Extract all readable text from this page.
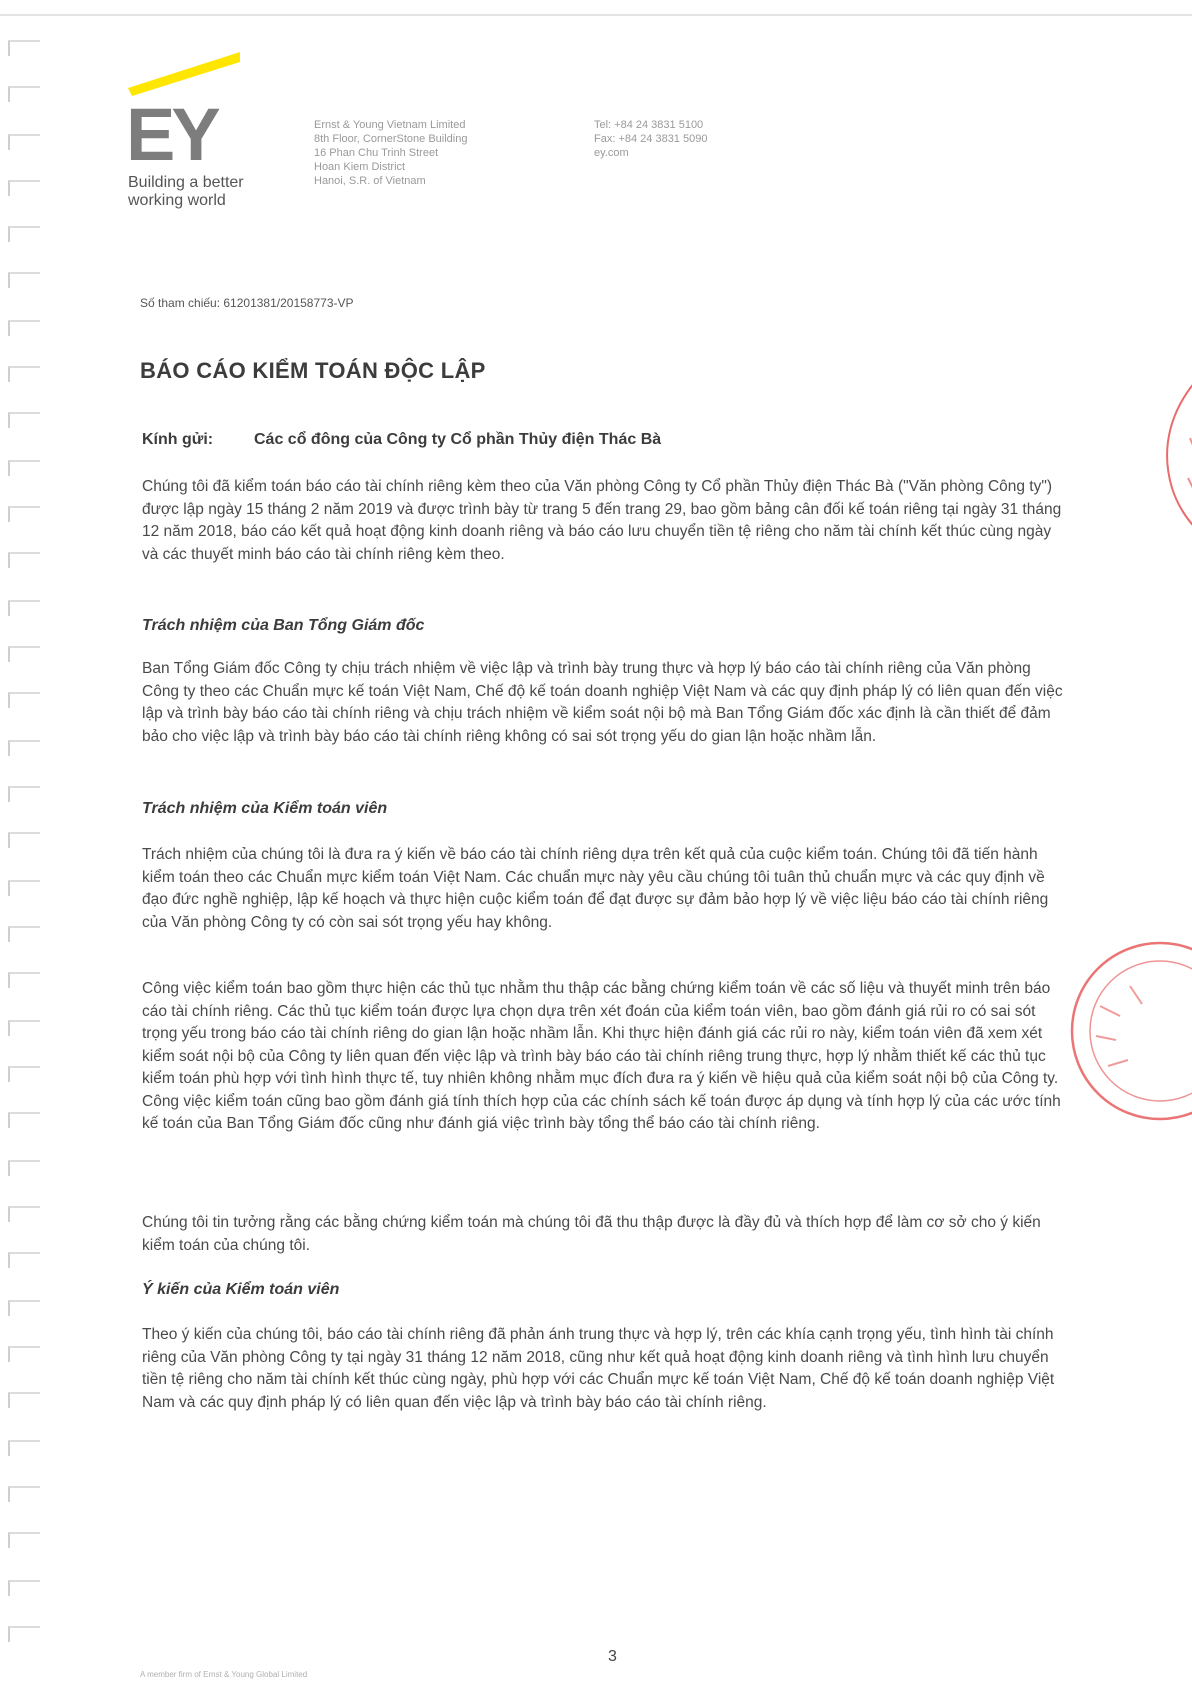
EY
Building a better
working world
Ernst & Young Vietnam Limited
8th Floor, CornerStone Building
16 Phan Chu Trinh Street
Hoan Kiem District
Hanoi, S.R. of Vietnam
Tel: +84 24 3831 5100
Fax: +84 24 3831 5090
ey.com
Số tham chiếu: 61201381/20158773-VP
BÁO CÁO KIỂM TOÁN ĐỘC LẬP
Kính gửi:	Các cổ đông của Công ty Cổ phần Thủy điện Thác Bà
Chúng tôi đã kiểm toán báo cáo tài chính riêng kèm theo của Văn phòng Công ty Cổ phần Thủy điện Thác Bà ("Văn phòng Công ty") được lập ngày 15 tháng 2 năm 2019 và được trình bày từ trang 5 đến trang 29, bao gồm bảng cân đối kế toán riêng tại ngày 31 tháng 12 năm 2018, báo cáo kết quả hoạt động kinh doanh riêng và báo cáo lưu chuyển tiền tệ riêng cho năm tài chính kết thúc cùng ngày và các thuyết minh báo cáo tài chính riêng kèm theo.
Trách nhiệm của Ban Tổng Giám đốc
Ban Tổng Giám đốc Công ty chịu trách nhiệm về việc lập và trình bày trung thực và hợp lý báo cáo tài chính riêng của Văn phòng Công ty theo các Chuẩn mực kế toán Việt Nam, Chế độ kế toán doanh nghiệp Việt Nam và các quy định pháp lý có liên quan đến việc lập và trình bày báo cáo tài chính riêng và chịu trách nhiệm về kiểm soát nội bộ mà Ban Tổng Giám đốc xác định là cần thiết để đảm bảo cho việc lập và trình bày báo cáo tài chính riêng không có sai sót trọng yếu do gian lận hoặc nhầm lẫn.
Trách nhiệm của Kiểm toán viên
Trách nhiệm của chúng tôi là đưa ra ý kiến về báo cáo tài chính riêng dựa trên kết quả của cuộc kiểm toán. Chúng tôi đã tiến hành kiểm toán theo các Chuẩn mực kiểm toán Việt Nam. Các chuẩn mực này yêu cầu chúng tôi tuân thủ chuẩn mực và các quy định về đạo đức nghề nghiệp, lập kế hoạch và thực hiện cuộc kiểm toán để đạt được sự đảm bảo hợp lý về việc liệu báo cáo tài chính riêng của Văn phòng Công ty có còn sai sót trọng yếu hay không.
Công việc kiểm toán bao gồm thực hiện các thủ tục nhằm thu thập các bằng chứng kiểm toán về các số liệu và thuyết minh trên báo cáo tài chính riêng. Các thủ tục kiểm toán được lựa chọn dựa trên xét đoán của kiểm toán viên, bao gồm đánh giá rủi ro có sai sót trọng yếu trong báo cáo tài chính riêng do gian lận hoặc nhầm lẫn. Khi thực hiện đánh giá các rủi ro này, kiểm toán viên đã xem xét kiểm soát nội bộ của Công ty liên quan đến việc lập và trình bày báo cáo tài chính riêng trung thực, hợp lý nhằm thiết kế các thủ tục kiểm toán phù hợp với tình hình thực tế, tuy nhiên không nhằm mục đích đưa ra ý kiến về hiệu quả của kiểm soát nội bộ của Công ty. Công việc kiểm toán cũng bao gồm đánh giá tính thích hợp của các chính sách kế toán được áp dụng và tính hợp lý của các ước tính kế toán của Ban Tổng Giám đốc cũng như đánh giá việc trình bày tổng thể báo cáo tài chính riêng.
Chúng tôi tin tưởng rằng các bằng chứng kiểm toán mà chúng tôi đã thu thập được là đầy đủ và thích hợp để làm cơ sở cho ý kiến kiểm toán của chúng tôi.
Ý kiến của Kiểm toán viên
Theo ý kiến của chúng tôi, báo cáo tài chính riêng đã phản ánh trung thực và hợp lý, trên các khía cạnh trọng yếu, tình hình tài chính riêng của Văn phòng Công ty tại ngày 31 tháng 12 năm 2018, cũng như kết quả hoạt động kinh doanh riêng và tình hình lưu chuyển tiền tệ riêng cho năm tài chính kết thúc cùng ngày, phù hợp với các Chuẩn mực kế toán Việt Nam, Chế độ kế toán doanh nghiệp Việt Nam và các quy định pháp lý có liên quan đến việc lập và trình bày báo cáo tài chính riêng.
3
A member firm of Ernst & Young Global Limited
